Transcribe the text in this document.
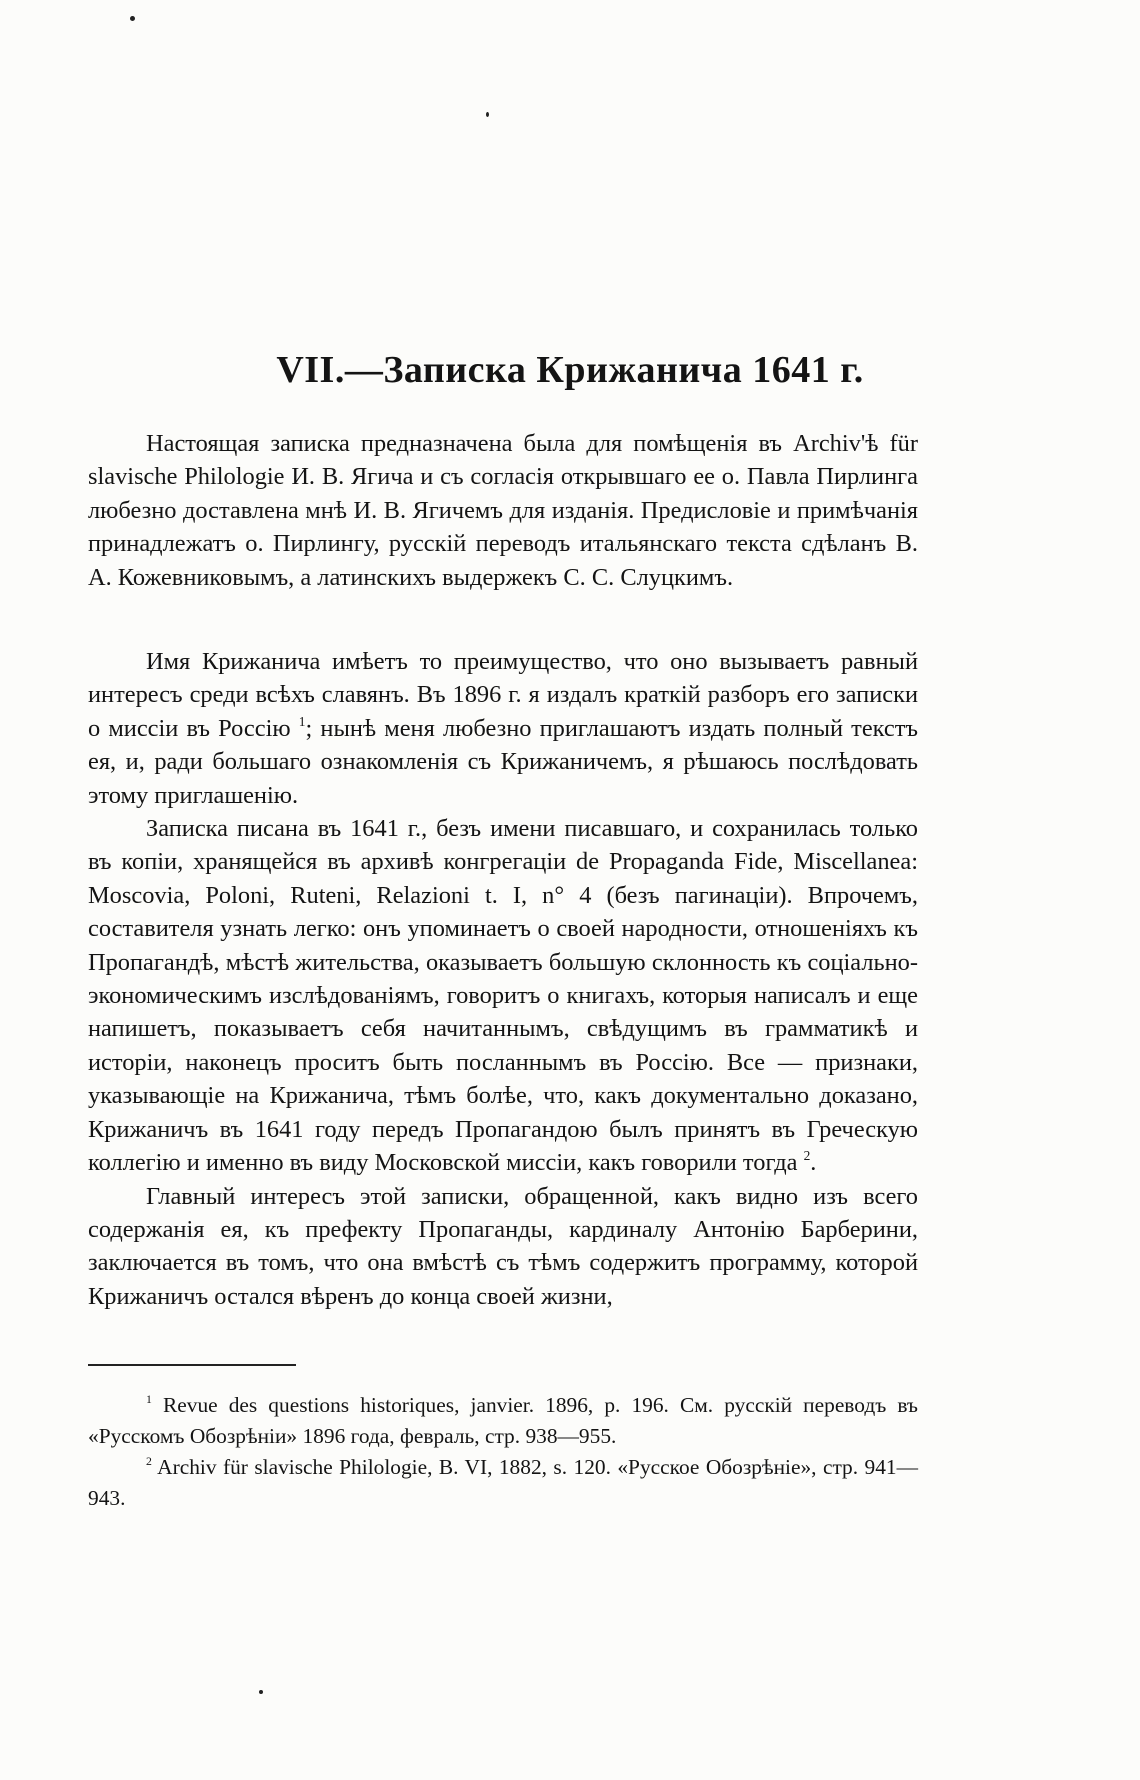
VII.—Записка Крижанича 1641 г.

Настоящая записка предназначена была для помѣщенія въ Archiv'ѣ für slavische Philologie И. В. Ягича и съ согласія открывшаго ее о. Павла Пирлинга любезно доставлена мнѣ И. В. Ягичемъ для изданія. Предисловіе и примѣчанія принадлежатъ о. Пирлингу, русскій переводъ итальянскаго текста сдѣланъ В. А. Кожевниковымъ, а латинскихъ выдержекъ С. С. Слуцкимъ.

Имя Крижанича имѣетъ то преимущество, что оно вызываетъ равный интересъ среди всѣхъ славянъ. Въ 1896 г. я издалъ краткій разборъ его записки о миссіи въ Россію $^1$; нынѣ меня любезно приглашаютъ издать полный текстъ ея, и, ради большаго ознакомленія съ Крижаничемъ, я рѣшаюсь послѣдовать этому приглашенію.

Записка писана въ 1641 г., безъ имени писавшаго, и сохранилась только въ копіи, хранящейся въ архивѣ конгрегаціи de Propaganda Fide, Miscellanea: Moscovia, Poloni, Ruteni, Relazioni t. I, n° 4 (безъ пагинаціи). Впрочемъ, составителя узнать легко: онъ упоминаетъ о своей народности, отношеніяхъ къ Пропагандѣ, мѣстѣ жительства, оказываетъ большую склонность къ соціально-экономическимъ изслѣдованіямъ, говоритъ о книгахъ, которыя написалъ и еще напишетъ, показываетъ себя начитаннымъ, свѣдущимъ въ грамматикѣ и исторіи, наконецъ проситъ быть посланнымъ въ Россію. Все — признаки, указывающіе на Крижанича, тѣмъ болѣе, что, какъ документально доказано, Крижаничъ въ 1641 году передъ Пропагандою былъ принятъ въ Греческую коллегію и именно въ виду Московской миссіи, какъ говорили тогда $^2$.

Главный интересъ этой записки, обращенной, какъ видно изъ всего содержанія ея, къ префекту Пропаганды, кардиналу Антонію Барберини, заключается въ томъ, что она вмѣстѣ съ тѣмъ содержитъ программу, которой Крижаничъ остался вѣренъ до конца своей жизни,

$^1$ Revue des questions historiques, janvier. 1896, p. 196. См. русскій переводъ въ «Русскомъ Обозрѣніи» 1896 года, февраль, стр. 938—955.

$^2$ Archiv für slavische Philologie, B. VI, 1882, s. 120. «Русское Обозрѣніе», стр. 941—943.
